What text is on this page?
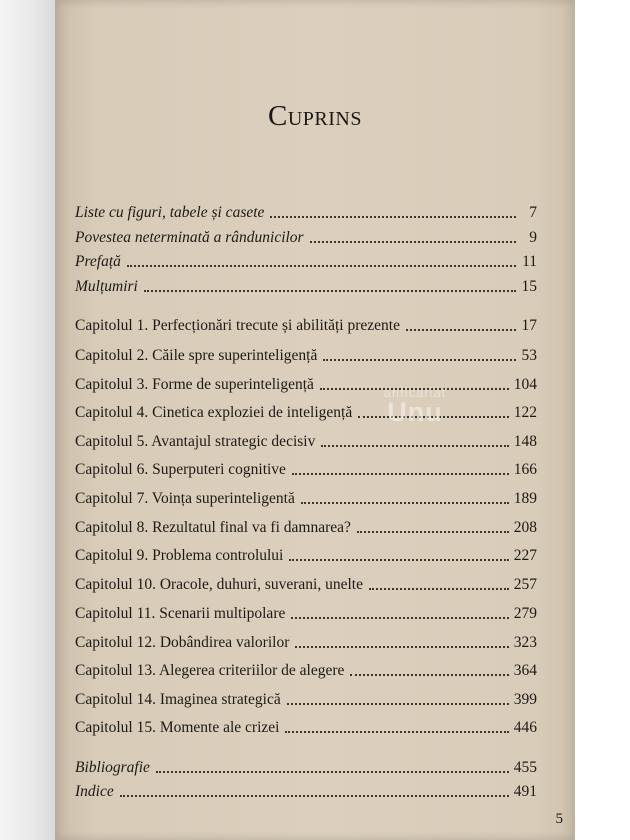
Cuprins
Liste cu figuri, tabele și casete	7
Povestea neterminată a rândunicilor	9
Prefață	11
Mulțumiri	15
Capitolul 1. Perfecționări trecute și abilități prezente	17
Capitolul 2. Căile spre superinteligență	53
Capitolul 3. Forme de superinteligență	104
Capitolul 4. Cinetica exploziei de inteligență	122
Capitolul 5. Avantajul strategic decisiv	148
Capitolul 6. Superputeri cognitive	166
Capitolul 7. Voința superinteligentă	189
Capitolul 8. Rezultatul final va fi damnarea?	208
Capitolul 9. Problema controlului	227
Capitolul 10. Oracole, duhuri, suverani, unelte	257
Capitolul 11. Scenarii multipolare	279
Capitolul 12. Dobândirea valorilor	323
Capitolul 13. Alegerea criteriilor de alegere	364
Capitolul 14. Imaginea strategică	399
Capitolul 15. Momente ale crizei	446
Bibliografie	455
Indice	491
5
anticariat
Unu
